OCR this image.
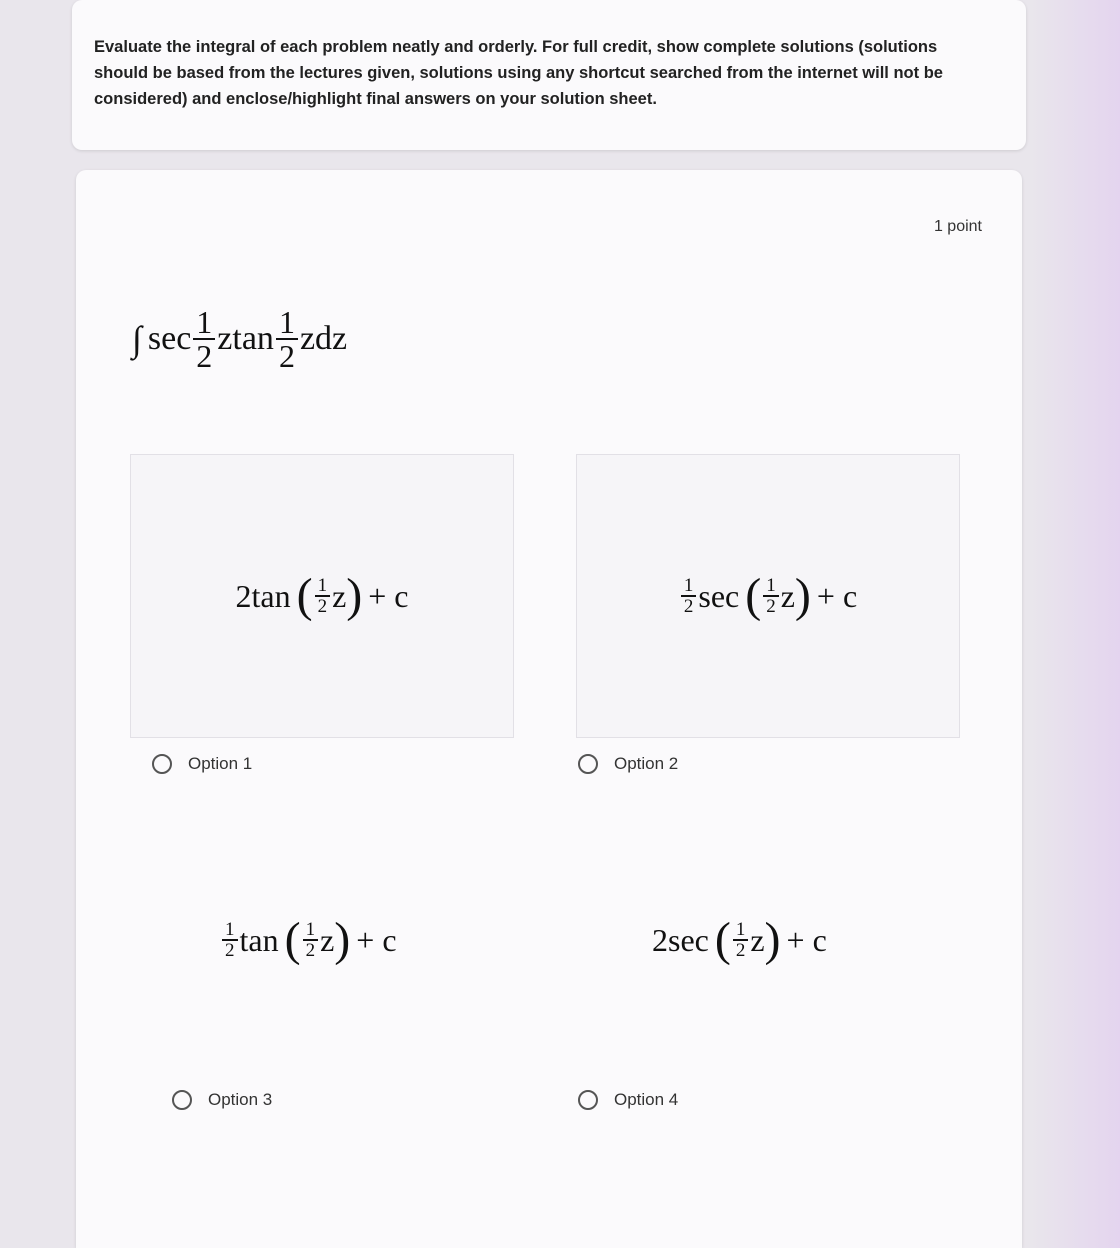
Evaluate the integral of each problem neatly and orderly. For full credit, show complete solutions (solutions should be based from the lectures given, solutions using any shortcut searched from the internet will not be considered) and enclose/highlight final answers on your solution sheet.
1 point
∫ $\sec \frac{1}{2}$ ztan $\frac{1}{2}$ zdz
2 tan ( $\frac{1}{2}$ z ) + c	$\frac{1}{2}$ sec ( $\frac{1}{2}$ z ) + c
Option 1	Option 2
$\frac{1}{2}$ tan ( $\frac{1}{2}$ z ) + c	2 sec ( $\frac{1}{2}$ z ) + c
Option 3	Option 4
